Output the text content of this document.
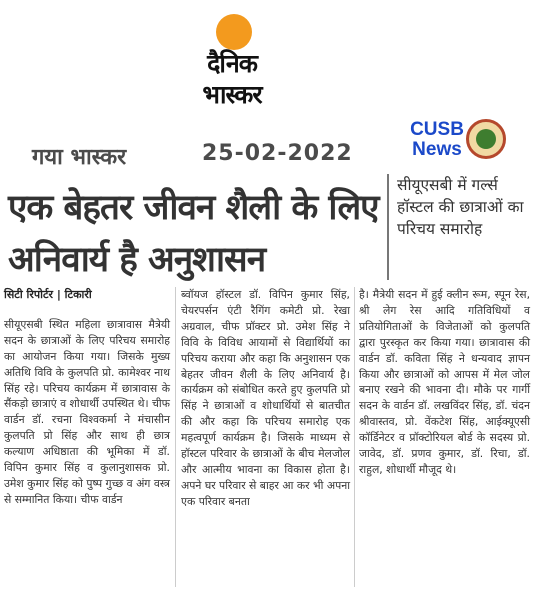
दैनिक
भास्कर
CUSB
News
गया भास्कर	25-02-2022
एक बेहतर जीवन शैली के लिए अनिवार्य है अनुशासन
सीयूएसबी में गर्ल्स हॉस्टल की छात्राओं का परिचय समारोह
सिटी रिपोर्टर | टिकारी
सीयूएसबी स्थित महिला छात्रावास मैत्रेयी सदन के छात्राओं के लिए परिचय समारोह का आयोजन किया गया। जिसके मुख्य अतिथि विवि के कुलपति प्रो. कामेश्वर नाथ सिंह रहे। परिचय कार्यक्रम में छात्रावास के सैंकड़ो छात्राएं व शोधार्थी उपस्थित थे। चीफ वार्डन डॉ. रचना विश्वकर्मा ने मंचासीन कुलपति प्रो सिंह और साथ ही छात्र कल्याण अधिष्ठाता की भूमिका में डॉ. विपिन कुमार सिंह व कुलानुशासक प्रो. उमेश कुमार सिंह को पुष्प गुच्छ व अंग वस्त्र से सम्मानित किया। चीफ वार्डन
ब्वॉयज हॉस्टल डॉ. विपिन कुमार सिंह, चेयरपर्सन एंटी रैगिंग कमेटी प्रो. रेखा अग्रवाल, चीफ प्रॉक्टर प्रो. उमेश सिंह ने विवि के विविध आयामों से विद्यार्थियों का परिचय कराया और कहा कि अनुशासन एक बेहतर जीवन शैली के लिए अनिवार्य है। कार्यक्रम को संबोधित करते हुए कुलपति प्रो सिंह ने छात्राओं व शोधार्थियों से बातचीत की और कहा कि परिचय समारोह एक महत्वपूर्ण कार्यक्रम है। जिसके माध्यम से हॉस्टल परिवार के छात्राओं के बीच मेलजोल और आत्मीय भावना का विकास होता है। अपने घर परिवार से बाहर आ कर भी अपना एक परिवार बनता
है। मैत्रेयी सदन में हुई क्लीन रूम, स्पून रेस, श्री लेग रेस आदि गतिविधियों व प्रतियोगिताओं के विजेताओं को कुलपति द्वारा पुरस्कृत कर किया गया। छात्रावास की वार्डन डॉ. कविता सिंह ने धन्यवाद ज्ञापन किया और छात्राओं को आपस में मेल जोल बनाए रखने की भावना दी। मौके पर गार्गी सदन के वार्डन डॉ. लखविंदर सिंह, डॉ. चंदन श्रीवास्तव, प्रो. वेंकटेश सिंह, आईक्यूएसी कॉर्डिनेटर व प्रॉक्टोरियल बोर्ड के सदस्य प्रो. जावेद, डॉ. प्रणव कुमार, डॉ. रिचा, डॉ. राहुल, शोधार्थी मौजूद थे।
